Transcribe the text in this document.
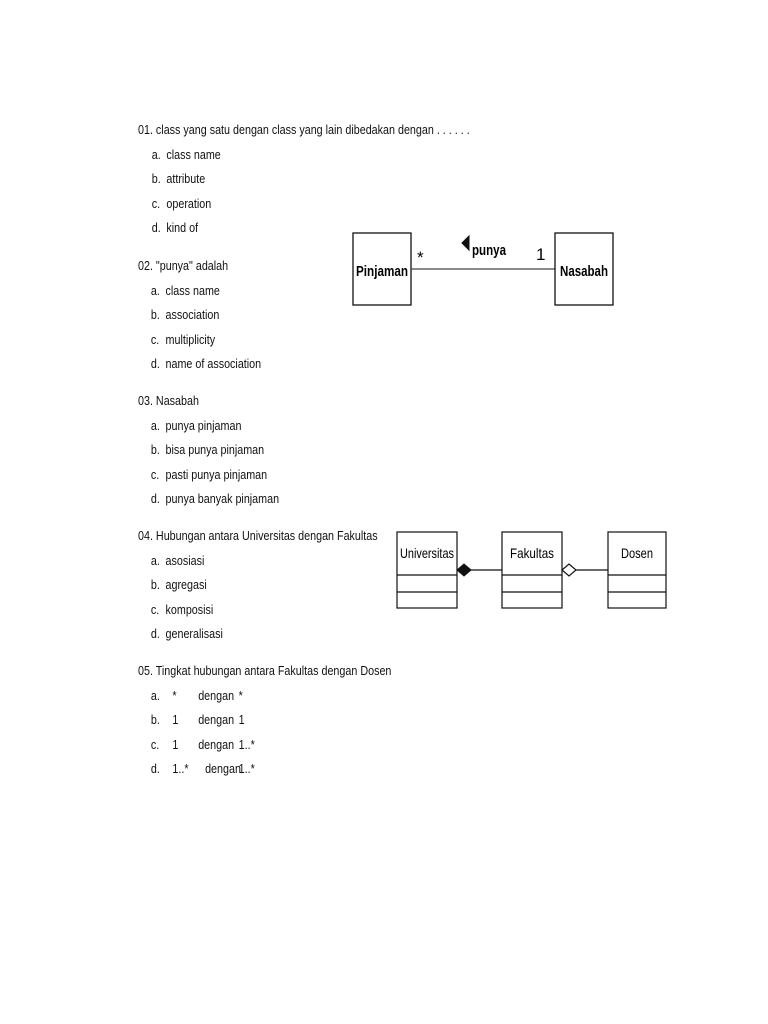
01. class yang satu dengan class yang lain dibedakan dengan . . . . . .
a. class name
b. attribute
c. operation
d. kind of
02. "punya" adalah
a. class name
b. association
c. multiplicity
d. name of association
03. Nasabah
a. punya pinjaman
b. bisa punya pinjaman
c. pasti punya pinjaman
d. punya banyak pinjaman
04. Hubungan antara Universitas dengan Fakultas
a. asosiasi
b. agregasi
c. komposisi
d. generalisasi
05. Tingkat hubungan antara Fakultas dengan Dosen
a. * dengan *
b. 1 dengan 1
c. 1 dengan 1..*
d. 1..* dengan1..*
Pinjaman
*	punya 1
Nasabah
Universitas	Fakultas	Dosen
